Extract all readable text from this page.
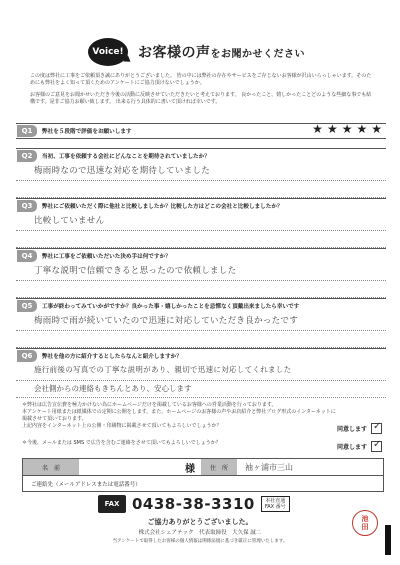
Voice!	お客様の声をお聞かせください
この度は弊社に工事をご依頼頂き誠にありがとうございました。 皆の中には弊社の存在やサービスをご存じないお客様が沢山いらっしゃいます。そのためにも弊社をよく知って頂くためのアンケートにご協力頂けないでしょうか。
お客様のご意見をお聞かせいただき今後の活動に反映させていただきたいと考えております。 良かったこと、嬉しかったことどのような些細な事でも結構です。是非ご協力お願い致します。 出来る行う具体的に書いて頂ければ幸いです。
Q1	弊社を５段階で評価をお願いします	★ ★ ★ ★ ★
Q2	当初、工事を依頼する会社にどんなことを期待されていましたか？
梅雨時なので迅速な対応を期待していました
Q3	弊社にご依頼いただく際に他社と比較しましたか？比較した方はどこの会社と比較しましたか？
比較していません
Q4	弊社に工事をご依頼いただいた決め手は何ですか？
丁寧な説明で信頼できると思ったので依頼しました
Q5	工事が終わってみていかがですか？良かった事・嬉しかったことを忌憚なく頂戴出来ましたら幸いです
梅雨時で雨が続いていたので迅速に対応していただき良かったです
Q6	弊社を他の方に紹介するとしたらなんと紹介しますか？
施行前後の写真での丁寧な説明があり、親切で迅速に対応してくれました
会社側からの連絡もきちんとあり、安心します
＊弊社は広告宣伝費を極力かけない為にホームページだけを掲載しているお客様への営業活動を行っております。
本アンケート用紙または紙媒体での定期に公開をします。また、ホームページのお客様の声やお店紹介と弊社ブログ形式のインターネットに
掲載させて頂いております。
上記内容をインターネット上の公開・印刷物に掲載させて頂いてもよろしいでしょうか？
＊今後、メールまたは SMS で広告を含むご連絡をさせて頂いてもよろしいでしょうか？
同意します ✓
同意します ✓
名　前	様	住　所	袖ヶ浦市三山
ご連絡先（メールアドレスまたは電話番号）
FAX 0438-38-3310 本社直通
FAX 番号
ご協力ありがとうございました。
株式会社シェアテック　代表取締役　大久保 誠二
当アンケートで取得したお客様の個人情報は関係法規に基づき厳正に管理いたします。
池
田
